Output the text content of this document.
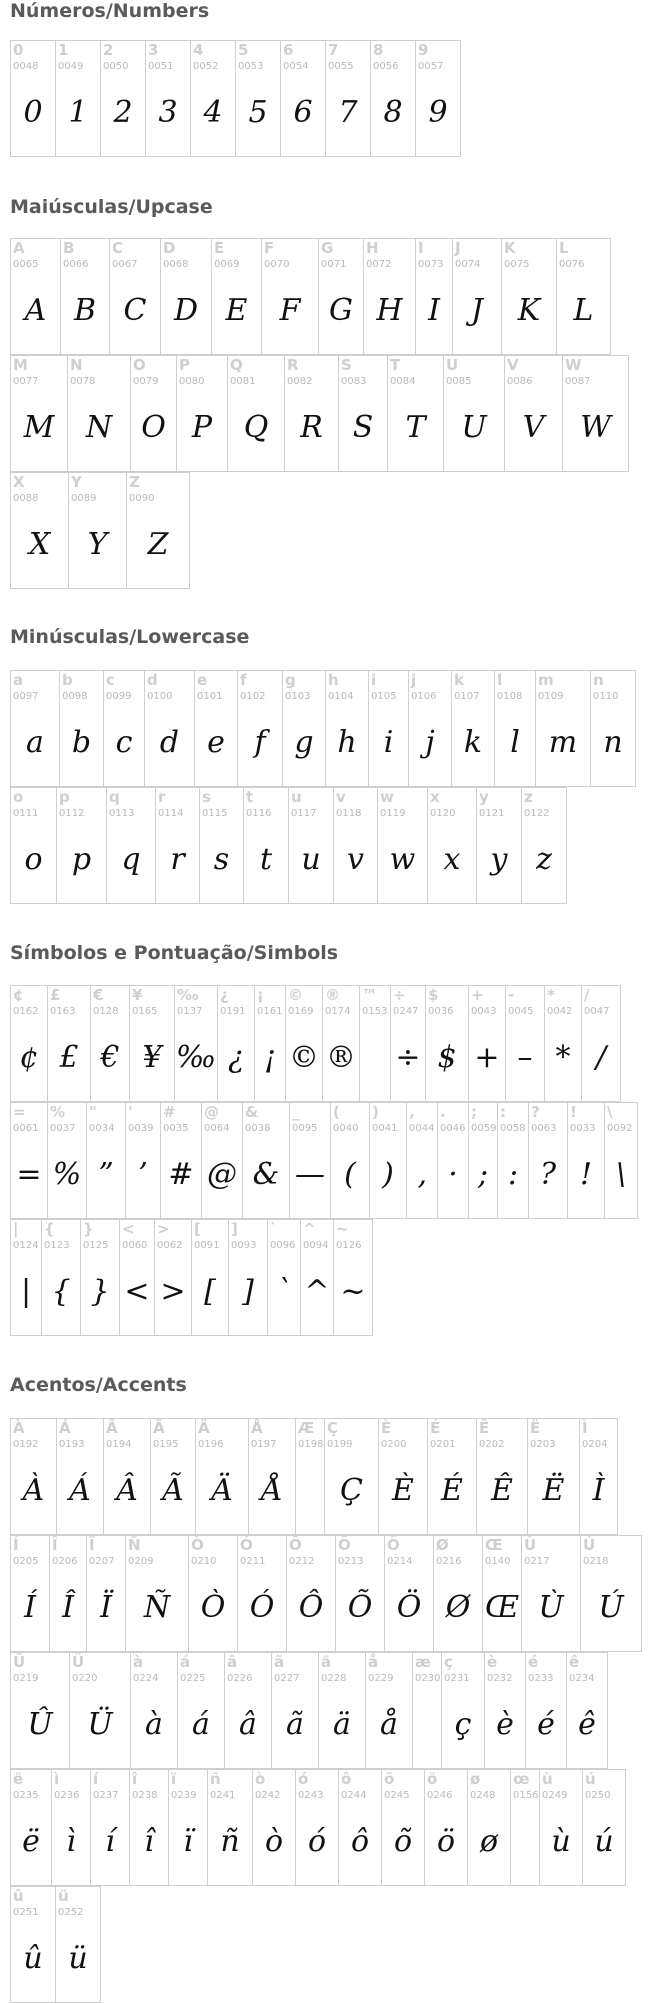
Números/Numbers
0
0048
0
1
0049
1
2
0050
2
3
0051
3
4
0052
4
5
0053
5
6
0054
6
7
0055
7
8
0056
8
9
0057
9
Maiúsculas/Upcase
A
0065
A
B
0066
B
C
0067
C
D
0068
D
E
0069
E
F
0070
F
G
0071
G
H
0072
H
I
0073
I
J
0074
J
K
0075
K
L
0076
L
M
0077
M
N
0078
N
O
0079
O
P
0080
P
Q
0081
Q
R
0082
R
S
0083
S
T
0084
T
U
0085
U
V
0086
V
W
0087
W
X
0088
X
Y
0089
Y
Z
0090
Z
Minúsculas/Lowercase
a
0097
a
b
0098
b
c
0099
c
d
0100
d
e
0101
e
f
0102
f
g
0103
g
h
0104
h
i
0105
i
j
0106
j
k
0107
k
l
0108
l
m
0109
m
n
0110
n
o
0111
o
p
0112
p
q
0113
q
r
0114
r
s
0115
s
t
0116
t
u
0117
u
v
0118
v
w
0119
w
x
0120
x
y
0121
y
z
0122
z
Símbolos e Pontuação/Simbols
¢
0162
¢
£
0163
£
€
0128
€
¥
0165
¥
‰
0137
‰
¿
0191
¿
¡
0161
¡
©
0169
©
®
0174
®
™
0153
÷
0247
÷
$
0036
$
+
0043
+
-
0045
–
*
0042
*
/
0047
/
=
0061
=
%
0037
%
"
0034
”
'
0039
’
#
0035
#
@
0064
@
&
0038
&
_
0095
—
(
0040
(
)
0041
)
,
0044
‚
.
0046
·
;
0059
;
:
0058
:
?
0063
?
!
0033
!
\
0092
\
|
0124
|
{
0123
{
}
0125
}
<
0060
<
>
0062
>
[
0091
[
]
0093
]
`
0096
`
^
0094
^
~
0126
~
Acentos/Accents
À
0192
À
Á
0193
Á
Â
0194
Â
Ã
0195
Ã
Ä
0196
Ä
Å
0197
Å
Æ
0198
Ç
0199
Ç
È
0200
È
É
0201
É
Ê
0202
Ê
Ë
0203
Ë
Ì
0204
Ì
Í
0205
Í
Î
0206
Î
Ï
0207
Ï
Ñ
0209
Ñ
Ò
0210
Ò
Ó
0211
Ó
Ô
0212
Ô
Õ
0213
Õ
Ö
0214
Ö
Ø
0216
Ø
Œ
0140
Œ
Ù
0217
Ù
Ú
0218
Ú
Û
0219
Û
Ü
0220
Ü
à
0224
à
á
0225
á
â
0226
â
ã
0227
ã
ä
0228
ä
å
0229
å
æ
0230
ç
0231
ç
è
0232
è
é
0233
é
ê
0234
ê
ë
0235
ë
ì
0236
ì
í
0237
í
î
0238
î
ï
0239
ï
ñ
0241
ñ
ò
0242
ò
ó
0243
ó
ô
0244
ô
õ
0245
õ
ö
0246
ö
ø
0248
ø
œ
0156
ù
0249
ù
ú
0250
ú
û
0251
û
ü
0252
ü
